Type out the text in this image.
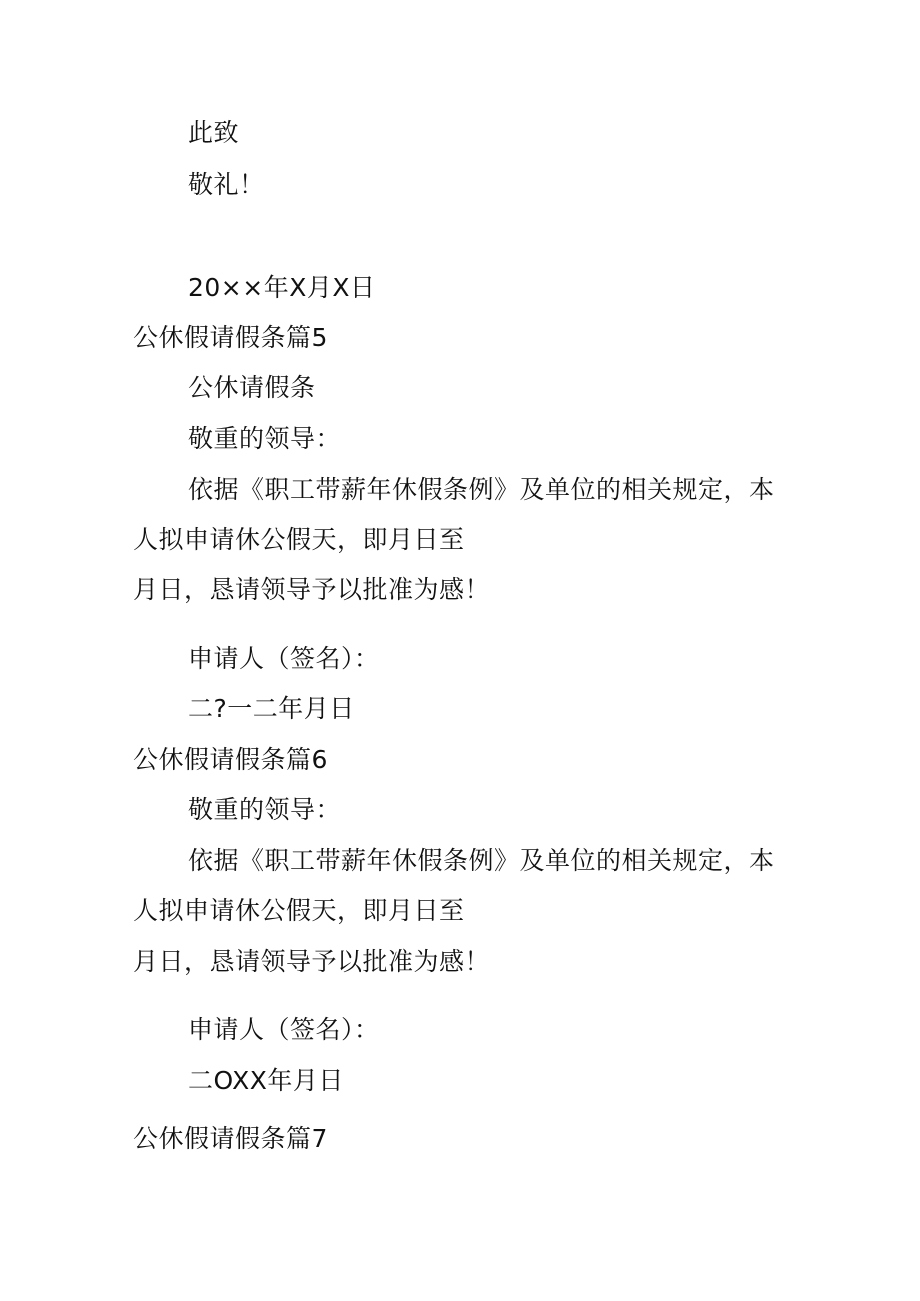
此致
敬礼！
20××年X月X日
公休假请假条篇5
公休请假条
敬重的领导：
依据《职工带薪年休假条例》及单位的相关规定，本
人拟申请休公假天，即月日至
月日，恳请领导予以批准为感！
申请人（签名）：
二?一二年月日
公休假请假条篇6
敬重的领导：
依据《职工带薪年休假条例》及单位的相关规定，本
人拟申请休公假天，即月日至
月日，恳请领导予以批准为感！
申请人（签名）：
二OXX年月日
公休假请假条篇7
